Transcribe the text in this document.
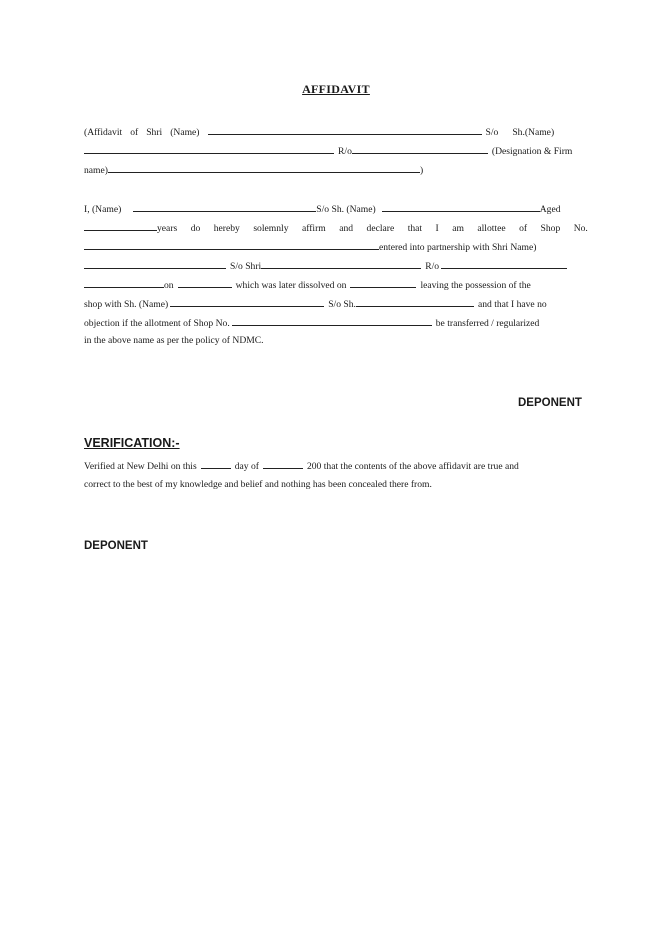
AFFIDAVIT
(Affidavit of Shri (Name)	S/o Sh.(Name)
R/o	(Designation & Firm
name)	)
I, (Name)	S/o Sh. (Name)	Aged
years do hereby solemnly affirm and declare that I am allottee of Shop No.
entered into partnership with Shri Name)
S/o Shri	R/o
on	which was later dissolved on	leaving the possession of the
shop with Sh. (Name)	S/o Sh.	and that I have no
objection if the allotment of Shop No.	be transferred / regularized
in the above name as per the policy of NDMC.
DEPONENT
VERIFICATION:-
Verified at New Delhi on this	day of	200 that the contents of the above affidavit are true and
correct to the best of my knowledge and belief and nothing has been concealed there from.
DEPONENT
